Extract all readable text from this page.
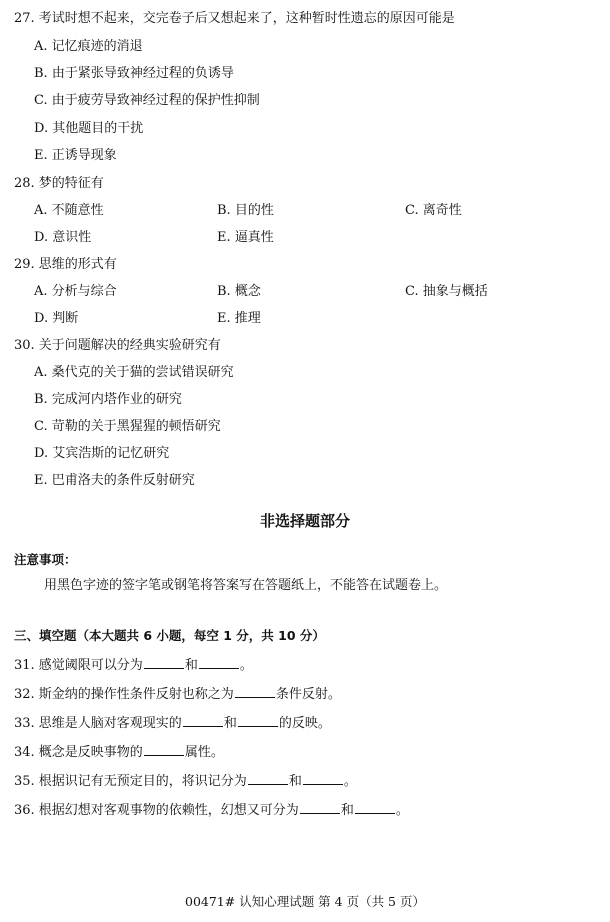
27. 考试时想不起来，交完卷子后又想起来了，这种暂时性遗忘的原因可能是
A. 记忆痕迹的消退
B. 由于紧张导致神经过程的负诱导
C. 由于疲劳导致神经过程的保护性抑制
D. 其他题目的干扰
E. 正诱导现象
28. 梦的特征有
A. 不随意性	B. 目的性	C. 离奇性
D. 意识性	E. 逼真性
29. 思维的形式有
A. 分析与综合	B. 概念	C. 抽象与概括
D. 判断	E. 推理
30. 关于问题解决的经典实验研究有
A. 桑代克的关于猫的尝试错误研究
B. 完成河内塔作业的研究
C. 苛勒的关于黑猩猩的顿悟研究
D. 艾宾浩斯的记忆研究
E. 巴甫洛夫的条件反射研究
非选择题部分
注意事项：
用黑色字迹的签字笔或钢笔将答案写在答题纸上，不能答在试题卷上。
三、填空题（本大题共 6 小题，每空 1 分，共 10 分）
31. 感觉阈限可以分为	和	。
32. 斯金纳的操作性条件反射也称之为	条件反射。
33. 思维是人脑对客观现实的	和	的反映。
34. 概念是反映事物的	属性。
35. 根据识记有无预定目的，将识记分为	和	。
36. 根据幻想对客观事物的依赖性，幻想又可分为	和	。
00471# 认知心理试题 第 4 页（共 5 页）
